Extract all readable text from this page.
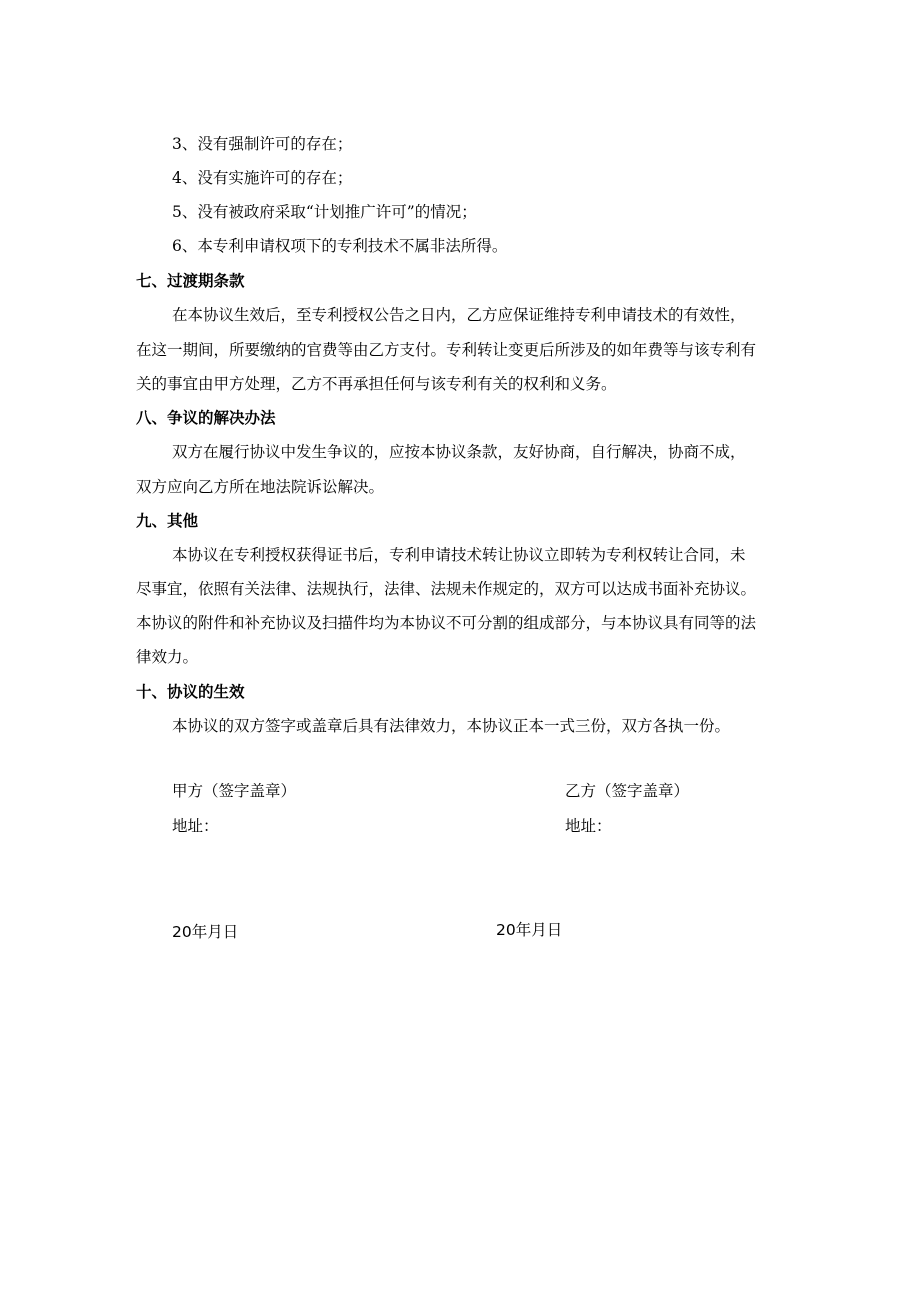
3、没有强制许可的存在；
4、没有实施许可的存在；
5、没有被政府采取“计划推广许可”的情况；
6、本专利申请权项下的专利技术不属非法所得。
七、过渡期条款
在本协议生效后，至专利授权公告之日内，乙方应保证维持专利申请技术的有效性，
在这一期间，所要缴纳的官费等由乙方支付。专利转让变更后所涉及的如年费等与该专利有
关的事宜由甲方处理，乙方不再承担任何与该专利有关的权利和义务。
八、争议的解决办法
双方在履行协议中发生争议的，应按本协议条款，友好协商，自行解决，协商不成，
双方应向乙方所在地法院诉讼解决。
九、其他
本协议在专利授权获得证书后，专利申请技术转让协议立即转为专利权转让合同，未
尽事宜，依照有关法律、法规执行，法律、法规未作规定的，双方可以达成书面补充协议。
本协议的附件和补充协议及扫描件均为本协议不可分割的组成部分，与本协议具有同等的法
律效力。
十、协议的生效
本协议的双方签字或盖章后具有法律效力，本协议正本一式三份，双方各执一份。
甲方（签字盖章）	乙方（签字盖章）
地址：	地址：
20年月日	20年月日
